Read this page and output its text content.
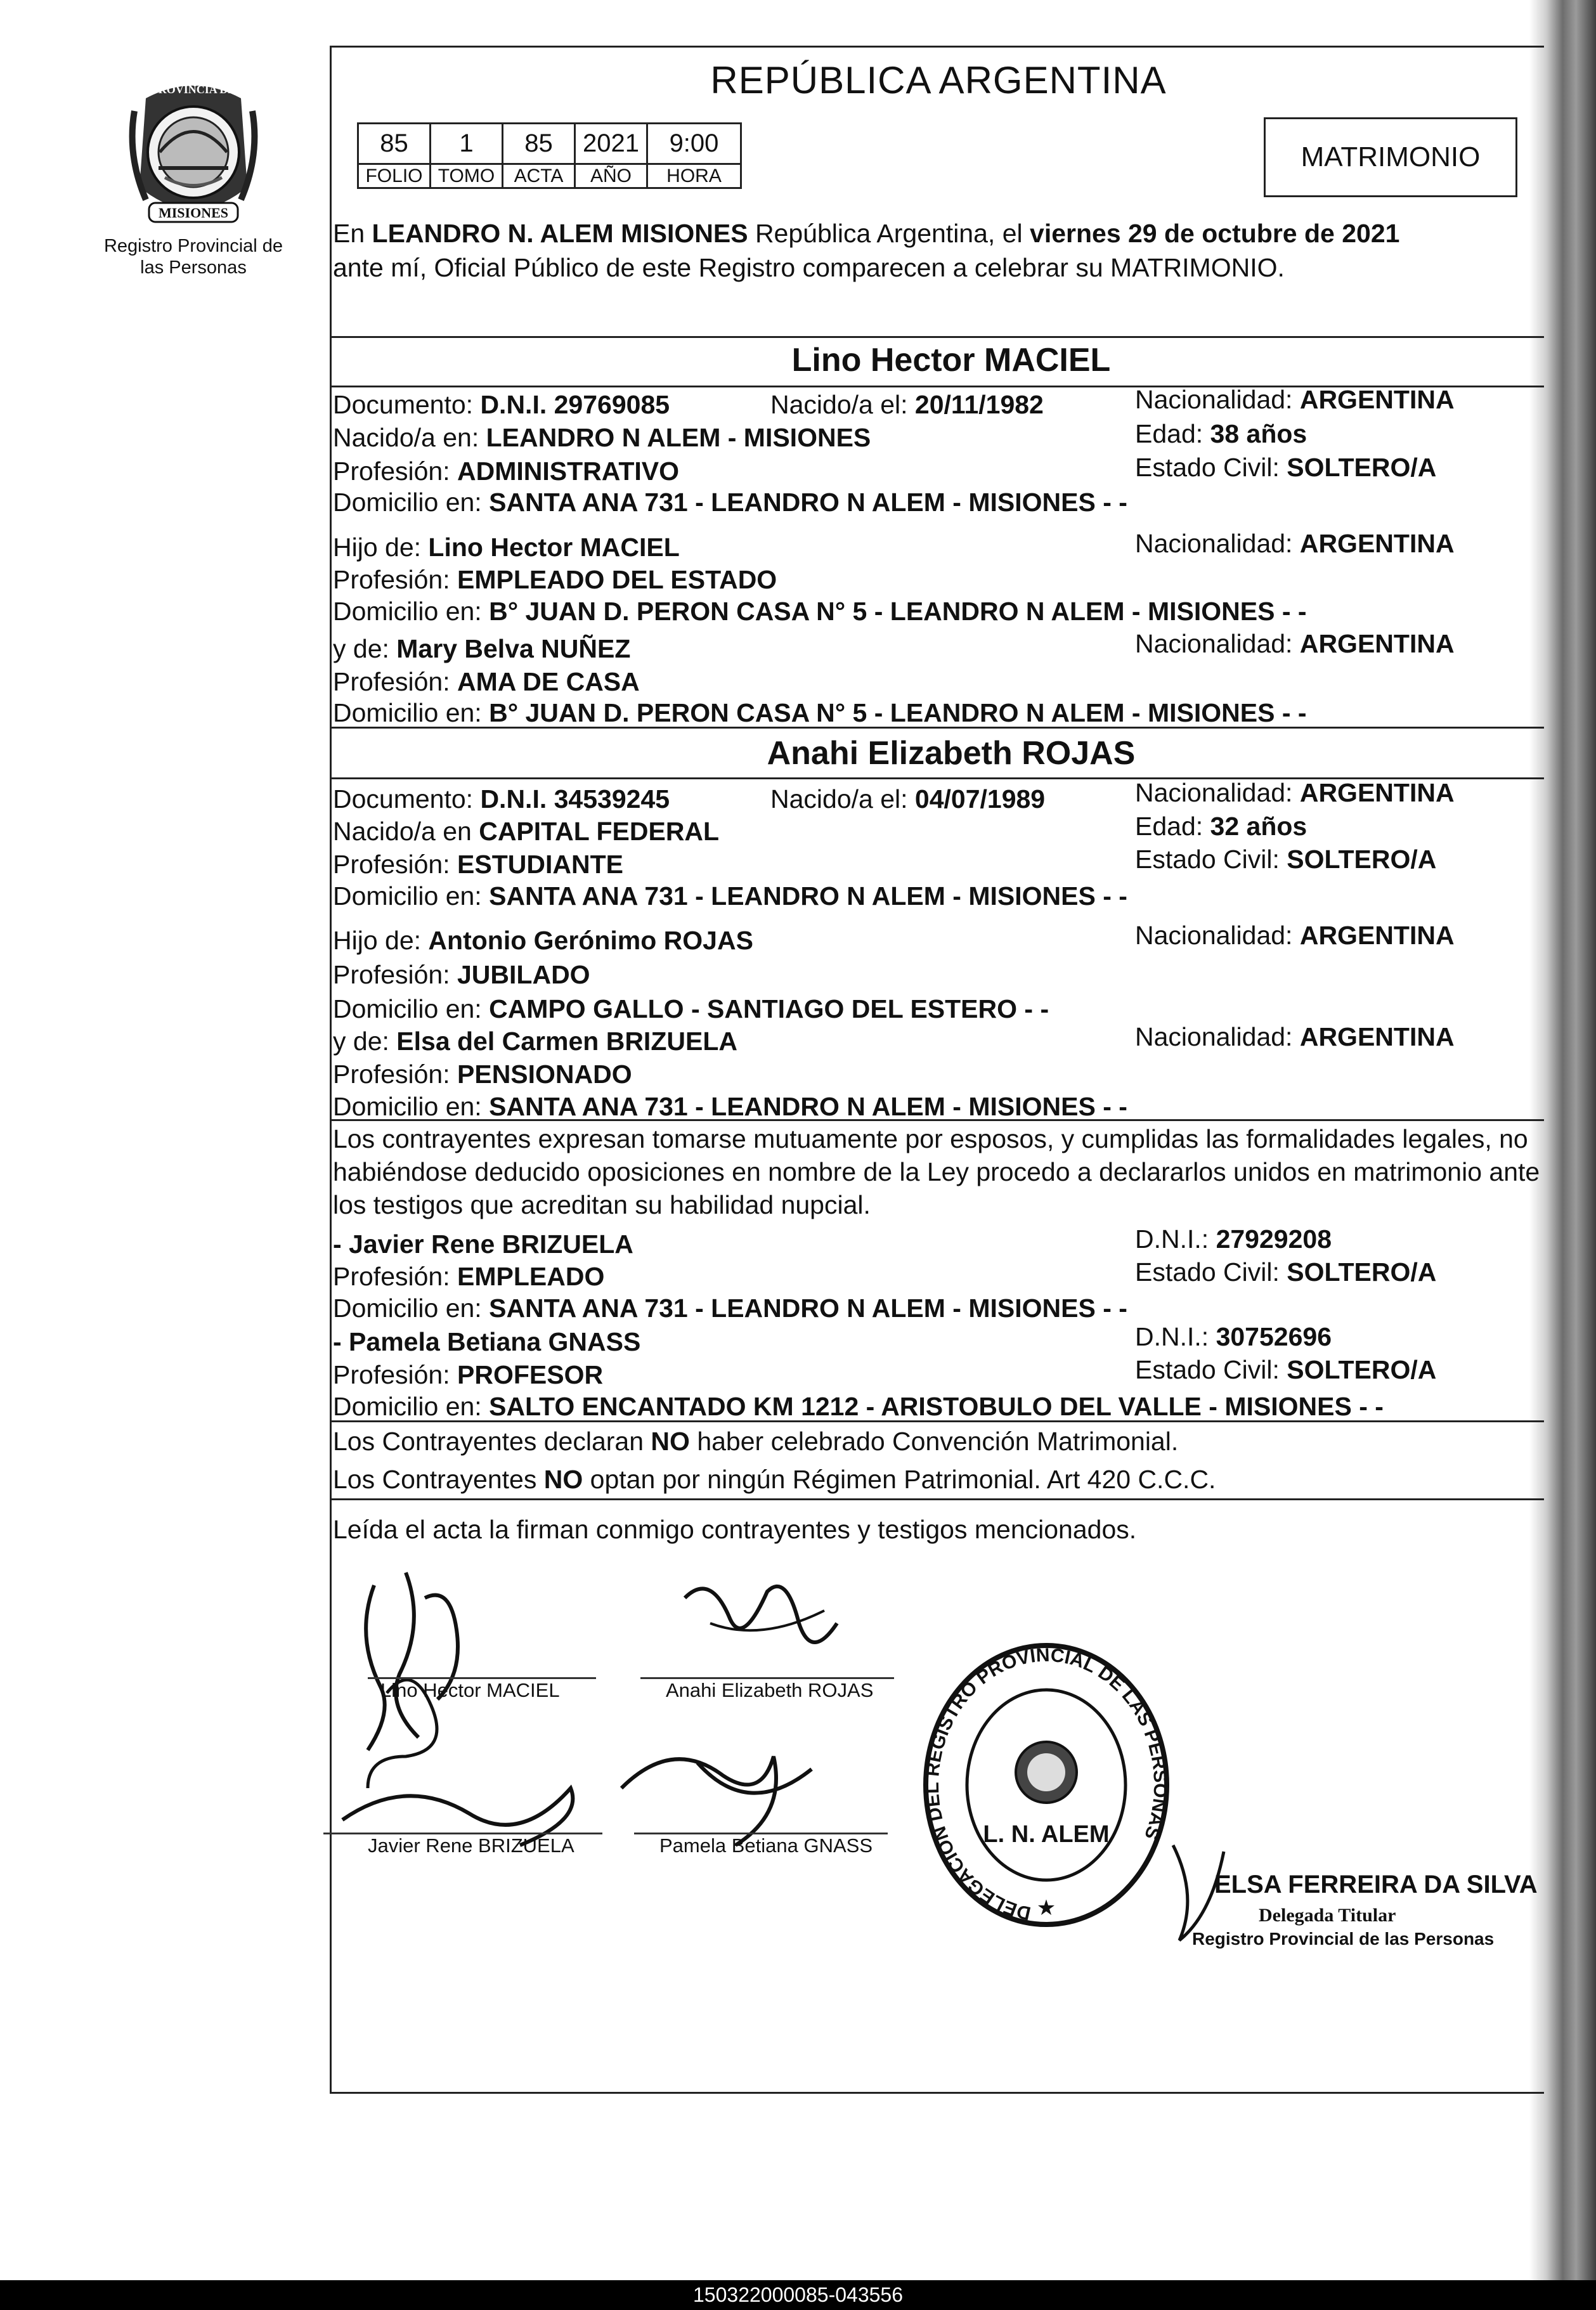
MISIONES
PROVINCIA DE
Registro Provincial de las Personas
REPÚBLICA ARGENTINA
85	1	85	2021	9:00
FOLIO	TOMO	ACTA	AÑO	HORA
MATRIMONIO
En LEANDRO N. ALEM MISIONES República Argentina, el viernes 29 de octubre de 2021
ante mí, Oficial Público de este Registro comparecen a celebrar su MATRIMONIO.
Lino Hector MACIEL
Documento: D.N.I. 29769085	Nacido/a el: 20/11/1982	Nacionalidad: ARGENTINA
Nacido/a en: LEANDRO N ALEM - MISIONES	Edad: 38 años
Profesión: ADMINISTRATIVO	Estado Civil: SOLTERO/A
Domicilio en: SANTA ANA 731 - LEANDRO N ALEM - MISIONES - -
Hijo de: Lino Hector MACIEL	Nacionalidad: ARGENTINA
Profesión: EMPLEADO DEL ESTADO
Domicilio en: B° JUAN D. PERON CASA N° 5 - LEANDRO N ALEM - MISIONES - -
y de: Mary Belva NUÑEZ	Nacionalidad: ARGENTINA
Profesión: AMA DE CASA
Domicilio en: B° JUAN D. PERON CASA N° 5 - LEANDRO N ALEM - MISIONES - -
Anahi Elizabeth ROJAS
Documento: D.N.I. 34539245	Nacido/a el: 04/07/1989	Nacionalidad: ARGENTINA
Nacido/a en CAPITAL FEDERAL	Edad: 32 años
Profesión: ESTUDIANTE	Estado Civil: SOLTERO/A
Domicilio en: SANTA ANA 731 - LEANDRO N ALEM - MISIONES - -
Hijo de: Antonio Gerónimo ROJAS	Nacionalidad: ARGENTINA
Profesión: JUBILADO
Domicilio en: CAMPO GALLO - SANTIAGO DEL ESTERO - -
y de: Elsa del Carmen BRIZUELA	Nacionalidad: ARGENTINA
Profesión: PENSIONADO
Domicilio en: SANTA ANA 731 - LEANDRO N ALEM - MISIONES - -
Los contrayentes expresan tomarse mutuamente por esposos, y cumplidas las formalidades legales, no
habiéndose deducido oposiciones en nombre de la Ley procedo a declararlos unidos en matrimonio ante
los testigos que acreditan su habilidad nupcial.
- Javier Rene BRIZUELA	D.N.I.: 27929208
Profesión: EMPLEADO	Estado Civil: SOLTERO/A
Domicilio en: SANTA ANA 731 - LEANDRO N ALEM - MISIONES - -
- Pamela Betiana GNASS	D.N.I.: 30752696
Profesión: PROFESOR	Estado Civil: SOLTERO/A
Domicilio en: SALTO ENCANTADO KM 1212 - ARISTOBULO DEL VALLE - MISIONES - -
Los Contrayentes declaran NO haber celebrado Convención Matrimonial.
Los Contrayentes NO optan por ningún Régimen Patrimonial. Art 420 C.C.C.
Leída el acta la firman conmigo contrayentes y testigos mencionados.
Lino Hector MACIEL	Anahi Elizabeth ROJAS
Javier Rene BRIZUELA	Pamela Betiana GNASS
DELEGACION DEL REGISTRO PROVINCIAL DE LAS PERSONAS
L. N. ALEM
★
ELSA FERREIRA DA SILVA
Delegada Titular
Registro Provincial de las Personas
150322000085-043556
